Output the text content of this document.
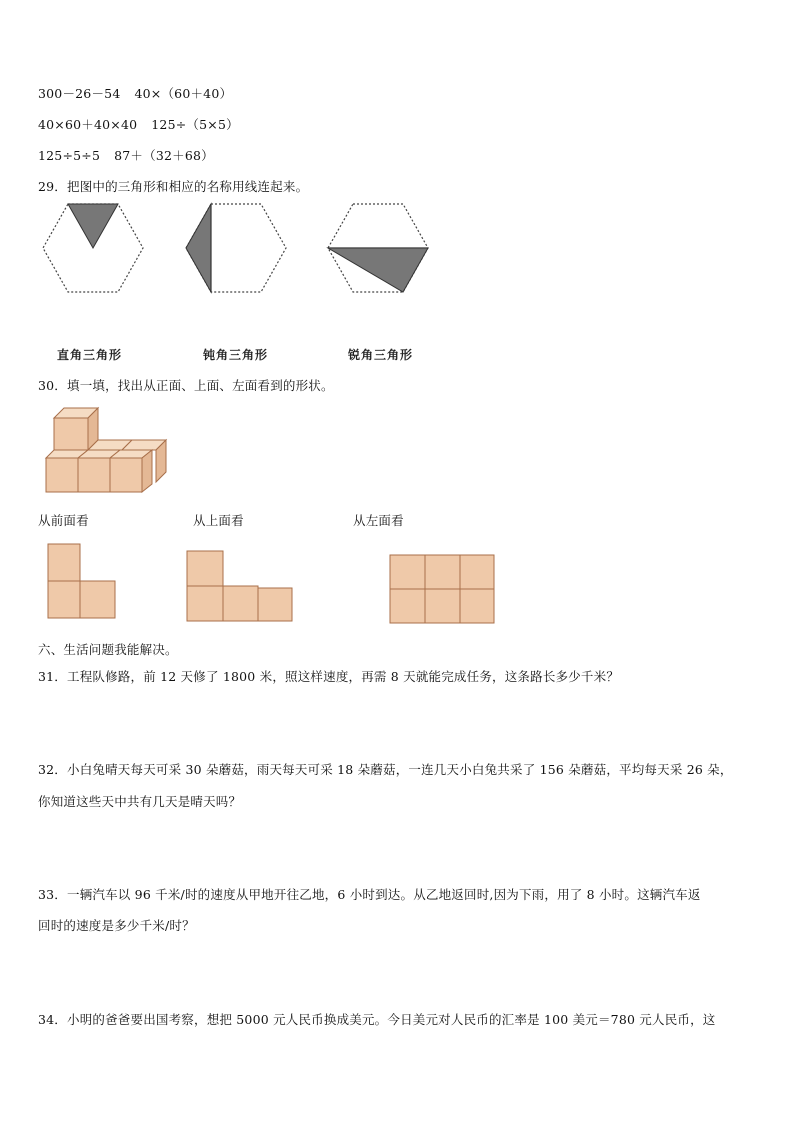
300－26－54 40×（60＋40）
40×60＋40×40 125÷（5×5）
125÷5÷5 87＋（32＋68）
29．把图中的三角形和相应的名称用线连起来。
直角三角形	钝角三角形	锐角三角形
30．填一填，找出从正面、上面、左面看到的形状。
从前面看	从上面看	从左面看
六、生活问题我能解决。
31．工程队修路，前 12 天修了 1800 米，照这样速度，再需 8 天就能完成任务，这条路长多少千米？
32．小白兔晴天每天可采 30 朵蘑菇，雨天每天可采 18 朵蘑菇，一连几天小白兔共采了 156 朵蘑菇，平均每天采 26 朵，
你知道这些天中共有几天是晴天吗？
33．一辆汽车以 96 千米/时的速度从甲地开往乙地，6 小时到达。从乙地返回时,因为下雨，用了 8 小时。这辆汽车返
回时的速度是多少千米/时？
34．小明的爸爸要出国考察，想把 5000 元人民币换成美元。今日美元对人民币的汇率是 100 美元＝780 元人民币，这
